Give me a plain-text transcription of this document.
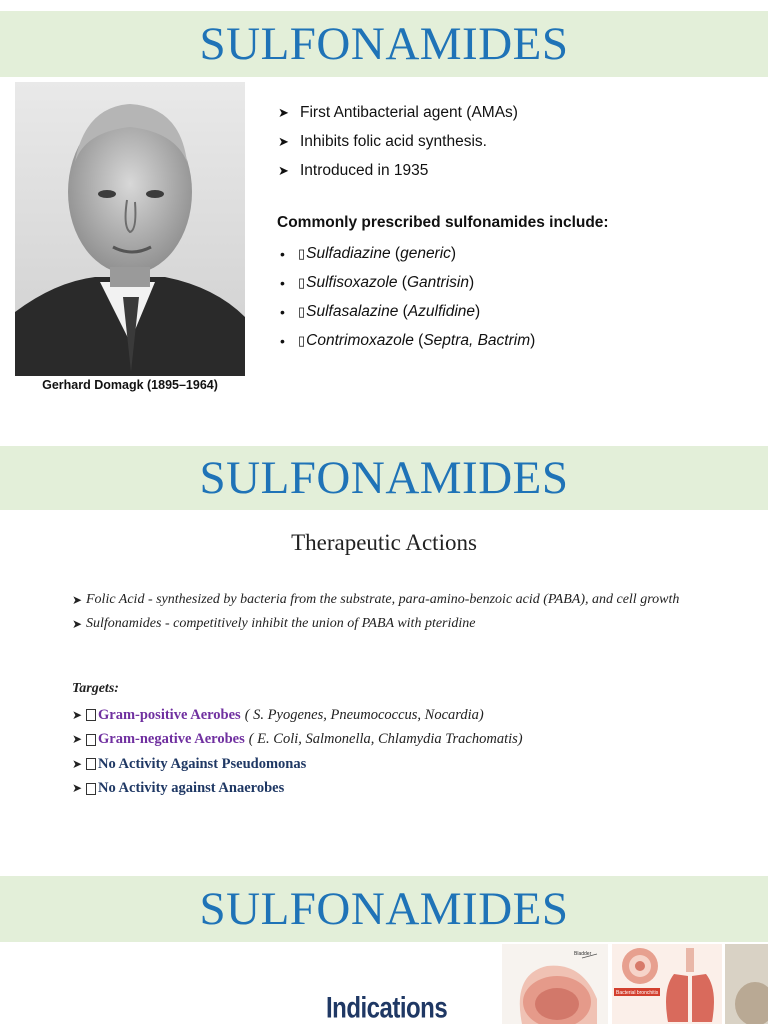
SULFONAMIDES
Gerhard Domagk (1895–1964)
➤ First Antibacterial agent (AMAs)
➤ Inhibits folic acid synthesis.
➤ Introduced in 1935
Commonly prescribed sulfonamides include:
•	▯ Sulfadiazine ( generic )
•	▯ Sulfisoxazole ( Gantrisin )
•	▯ Sulfasalazine ( Azulfidine )
•	▯ Contrimoxazole ( Septra, Bactrim )
SULFONAMIDES
Therapeutic Actions
➤ Folic Acid - synthesized by bacteria from the substrate, para-amino-benzoic acid (PABA), and cell growth
➤ Sulfonamides - competitively inhibit the union of PABA with pteridine
Targets:
➤ Gram-positive Aerobes ( S. Pyogenes, Pneumococcus, Nocardia)
➤ Gram-negative Aerobes ( E. Coli, Salmonella, Chlamydia Trachomatis)
➤ No Activity Against Pseudomonas
➤ No Activity against Anaerobes
SULFONAMIDES
Indications
Bladder
Bacterial bronchitis
